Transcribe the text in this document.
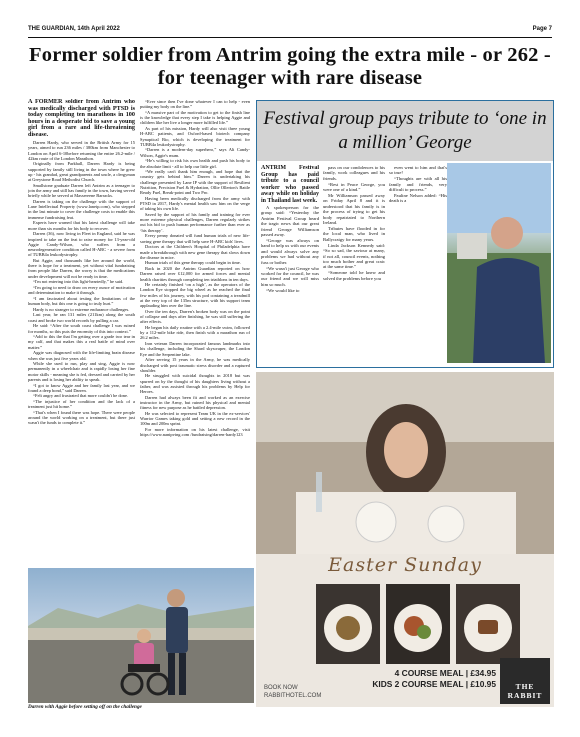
THE GUARDIAN, 14th April 2022	Page 7
Former soldier from Antrim going the extra mile - or 262 - for teenager with rare disease

A FORMER soldier from Antrim who was medically discharged with PTSD is today completing ten marathons in 100 hours in a desperate bid to save a young girl from a rare and life-threatening disease.

Darren Hardy, who served in the British Army for 15 years, aimed to run 236 miles / 380km from Manchester to London on April 6-10before returning the entire 26.2-mile / 42km route of the London Marathon.

Originally from Parkhall, Darren Hardy is being supported by family still living in the town where he grew up - his grandad, great grandparents and uncle, a clergyman at Greystone Road Methodist Church.

Smallstone graduate Darren left Antrim as a teenager to join the army and still has family in the town, having served briefly while he served at Massereene Barracks.

Darren is taking on the challenge with the support of Lane Intellectual Property (www.laneip.com), who stepped in the last minute to cover the challenge costs to enable this immense fundraising feat.

Experts have warned that his latest challenge will take more than six months for his body to recover.

Darren (36), now living in Fleet in England, said he was inspired to take on the feat to raise money for 13-year-old Aggie Candy-Wilson, who suffers from a neurodegenerative condition called H-ABC - a severe form of TUBB4a leukodystrophy.

But Aggie, and thousands like her around the world, there is hope for a treatment, yet without vital fundraising from people like Darren, the worry is that the medications under development will not be ready in time.

“I'm not entering into this light-heartedly,” he said.

“I'm going to need to draw on every ounce of motivation and determination to make it through.

“I am fascinated about testing the limitations of the human body, but this one is going to truly hurt.”

Hardy is no stranger to extreme endurance challenges.

Last year, he ran 131 miles (211km) along the south coast and broke two world records by pulling a car.

He said: “After the south coast challenge I was ruined for months, so this puts the enormity of this into context.”

“Add to this the that I'm getting over a grade two tear in my calf, and that makes this a real battle of mind over matter.”

Aggie was diagnosed with the life-limiting brain disease when she was just five years old.

While she used to run, play and sing, Aggie is now permanently in a wheelchair and is rapidly losing her fine motor skills - meaning she is fed, dressed and carried by her parents and is losing her ability to speak.

“I got to know Aggie and her family last year, and we found a deep bond,” said Darren.

“Felt angry and frustrated that more couldn't be done.

“The injustice of her condition and the lack of a treatment just hit home.”

“That's when I found there was hope. There were people around the world working on a treatment, but there just wasn't the funds to complete it.”

“Ever since then I've done whatever I can to help - even putting my body on the line.”

“A massive part of the motivation to get to the finish line is the knowledge that every step I take is helping Aggie and children like her live a longer more fulfilled life.”

As part of his mission, Hardy will also visit three young H-ABC patients, and Oxford-based biotech company Synaptical Bio, which is developing the treatment for TUBB4a leukodystrophy.

“Darren is a modern-day superhero,” says Ali Candy-Wilson, Aggie's mum.

“He's willing to risk his own health and push his body to the absolute limit - all to help our little girl.

“We really can't thank him enough, and hope that the country gets behind him.” Darren is undertaking his challenge presented by Lane IP with the support of Resilient Nutrition, Precision Fuel & Hydration, Ollie Ollerton's Battle Ready Fuel, Break-point and Two Pro.

Having been medically discharged from the army with PTSD in 2017, Hardy's mental health saw him on the verge of taking his own life.

Saved by the support of his family and training for ever more extreme physical challenges, Darren regularly strikes out his bid to push human performance further than ever as ‘his therapy’.

Every penny donated will fund human trials of new life-saving gene therapy that will help save H-ABC kids' lives.

Doctors at the Children's Hospital of Philadelphia have made a breakthrough with new gene therapy that slows down the disease in mice.

Human trials of this gene therapy could begin in time.

Back in 2020 the Antrim Guardian reported on how Darren raised over £12,000 for armed forces and mental health charities through completing ten triathlons in ten days.

He certainly finished ‘on a high’, as the operators of the London Eye stopped the big wheel as he reached the final few miles of his journey, with his pod containing a treadmill at the very top of the 135m structure, with his support team applauding him over the line.

Over the ten days, Darren's broken body was on the point of collapse and days after finishing, he was still suffering the after effects.

He began his daily routine with a 2.4-mile swim, followed by a 112-mile bike ride, then finish with a marathon run of 26.2 miles.

Iron veteran Darren incorporated famous landmarks into his challenge, including the Shard skyscraper, the London Eye and the Serpentine lake.

After serving 15 years in the Army, he was medically discharged with post traumatic stress disorder and a ruptured shoulder.

He struggled with suicidal thoughts in 2018 but was spurred on by the thought of his daughters living without a father, and was assisted through his problems by Help for Heroes.

Darren had always been fit and worked as an exercise instructor in the Army, but ruined his physical and mental fitness for new purpose as he battled depression.

He was selected to represent Team UK in the ex-services' Warrior Games taking gold and setting a new record in the 100m and 200m sprint.

For more information on his latest challenge, visit https://www.nanipving.com /fundraising/darren-hardy123

Darren with Aggie before setting off on the challenge
Festival group pays tribute to ‘one in a million’ George

ANTRIM Festival Group has paid tribute to a council worker who passed away while on holiday in Thailand last week.

A spokesperson for the group said: “Yesterday the Antrim Festival Group heard the tragic news that our great friend George Williamson passed away.

“George was always on hand to help us with our events and would always solve any problems we had without any fuss or bother.

“We wasn't just George who worked for the council, he was our friend and we will miss him so much.

“We would like to

pass on our condolences to his family, work colleagues and his friends.

“Rest in Peace George, you were one of a kind.”

Mr Williamson passed away on Friday April 8 and it is understood that his family is in the process of trying to get his body repatriated to Northern Ireland.

Tributes have flooded in for the local man, who lived in Ballycraigy for many years.

Linda Jackson Kennedy said: “So so sad, the saviour at many, if not all, council events, nothing too much bother and great craic at the same time.”

“Someone told he knew and solved the problems before you

even went to him and that's so true!

“Thoughts are with all his family and friends, very difficult to process.”

Pauline Nelson added: “His death is a

Easter Sunday
BOOK NOW
RABBITHOTEL.COM
4 COURSE MEAL | £34.95
KIDS 2 COURSE MEAL | £10.95	THE RABBIT
